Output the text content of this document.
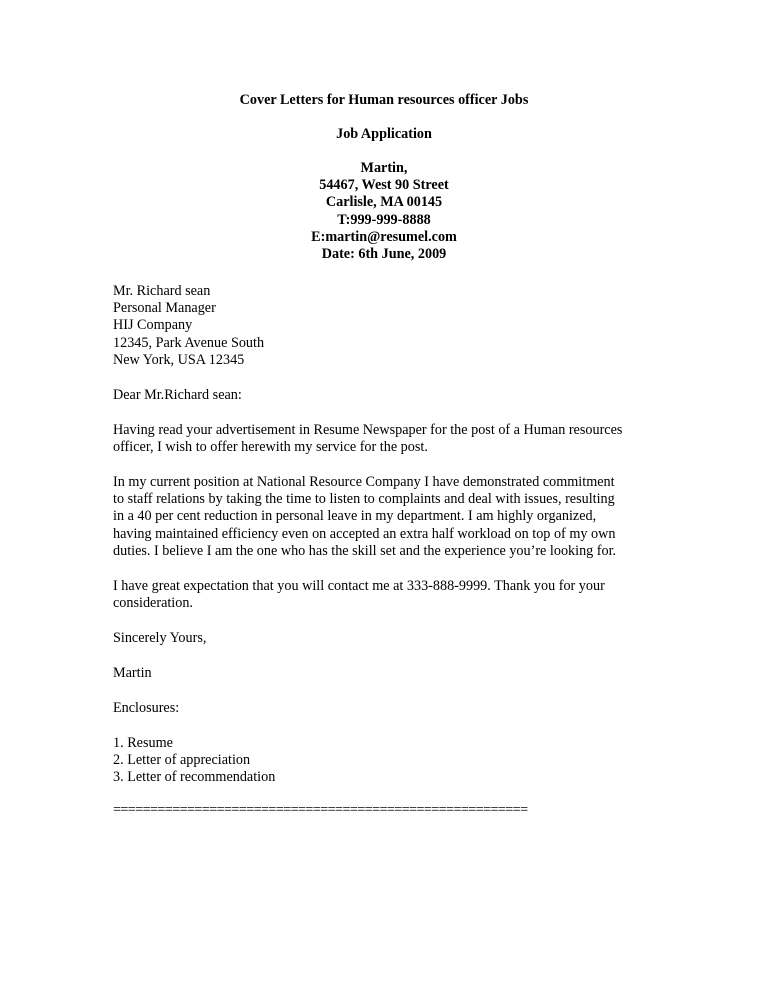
Cover Letters for Human resources officer Jobs
Job Application
Martin,
54467, West 90 Street
Carlisle, MA 00145
T:999-999-8888
E:martin@resumel.com
Date: 6th June, 2009
Mr. Richard sean
Personal Manager
HIJ Company
12345, Park Avenue South
New York, USA 12345
Dear Mr.Richard sean:
Having read your advertisement in Resume Newspaper for the post of a Human resources
officer, I wish to offer herewith my service for the post.
In my current position at National Resource Company I have demonstrated commitment
to staff relations by taking the time to listen to complaints and deal with issues, resulting
in a 40 per cent reduction in personal leave in my department. I am highly organized,
having maintained efficiency even on accepted an extra half workload on top of my own
duties. I believe I am the one who has the skill set and the experience you’re looking for.
I have great expectation that you will contact me at 333-888-9999. Thank you for your
consideration.
Sincerely Yours,
Martin
Enclosures:
1. Resume
2. Letter of appreciation
3. Letter of recommendation
========================================================
